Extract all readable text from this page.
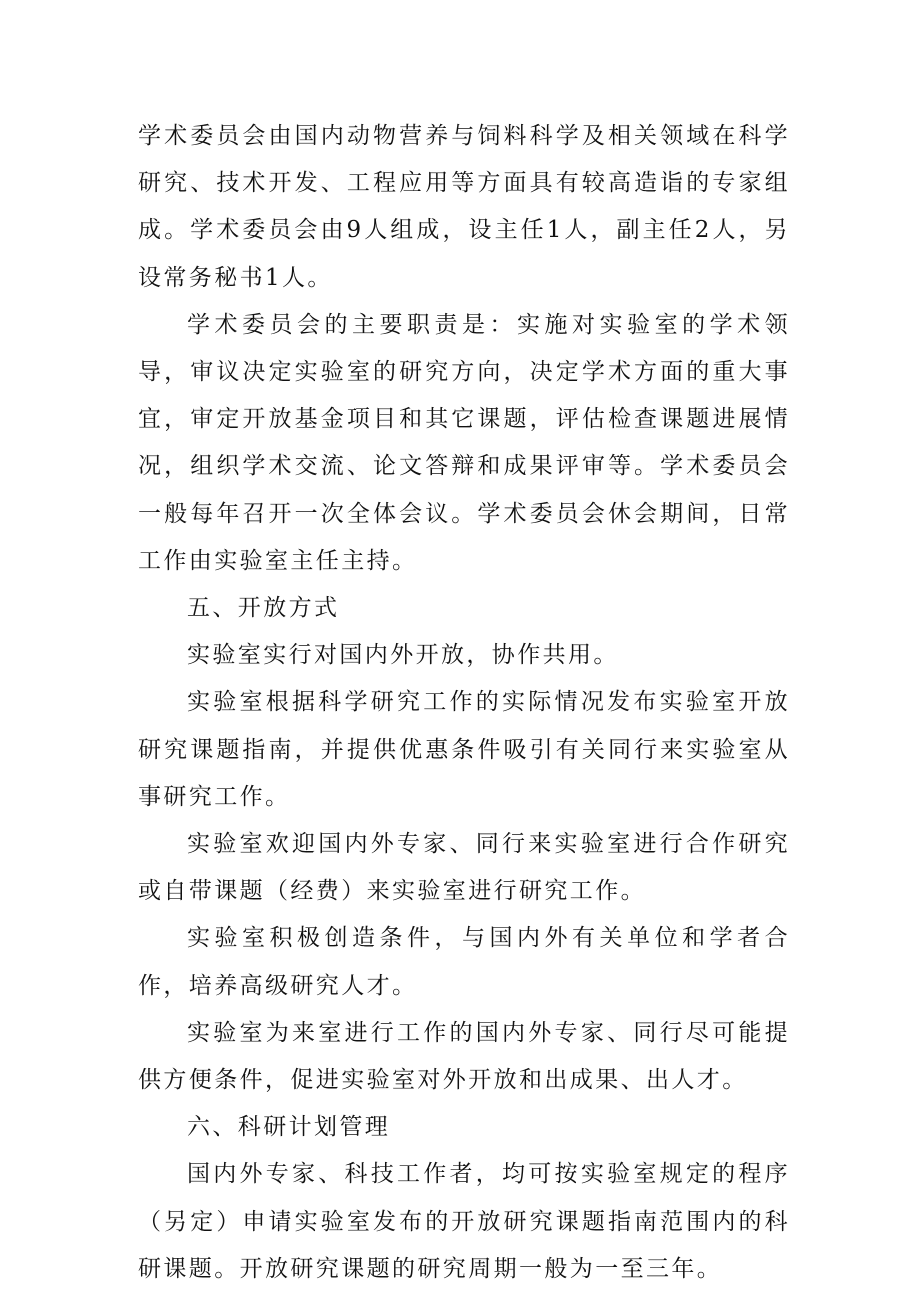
学术委员会由国内动物营养与饲料科学及相关领域在科学研究、技术开发、工程应用等方面具有较高造诣的专家组成。学术委员会由9人组成，设主任1人，副主任2人，另设常务秘书1人。

学术委员会的主要职责是：实施对实验室的学术领导，审议决定实验室的研究方向，决定学术方面的重大事宜，审定开放基金项目和其它课题，评估检查课题进展情况，组织学术交流、论文答辩和成果评审等。学术委员会一般每年召开一次全体会议。学术委员会休会期间，日常工作由实验室主任主持。

五、开放方式

实验室实行对国内外开放，协作共用。

实验室根据科学研究工作的实际情况发布实验室开放研究课题指南，并提供优惠条件吸引有关同行来实验室从事研究工作。

实验室欢迎国内外专家、同行来实验室进行合作研究或自带课题（经费）来实验室进行研究工作。

实验室积极创造条件，与国内外有关单位和学者合作，培养高级研究人才。

实验室为来室进行工作的国内外专家、同行尽可能提供方便条件，促进实验室对外开放和出成果、出人才。

六、科研计划管理

国内外专家、科技工作者，均可按实验室规定的程序（另定）申请实验室发布的开放研究课题指南范围内的科研课题。开放研究课题的研究周期一般为一至三年。
